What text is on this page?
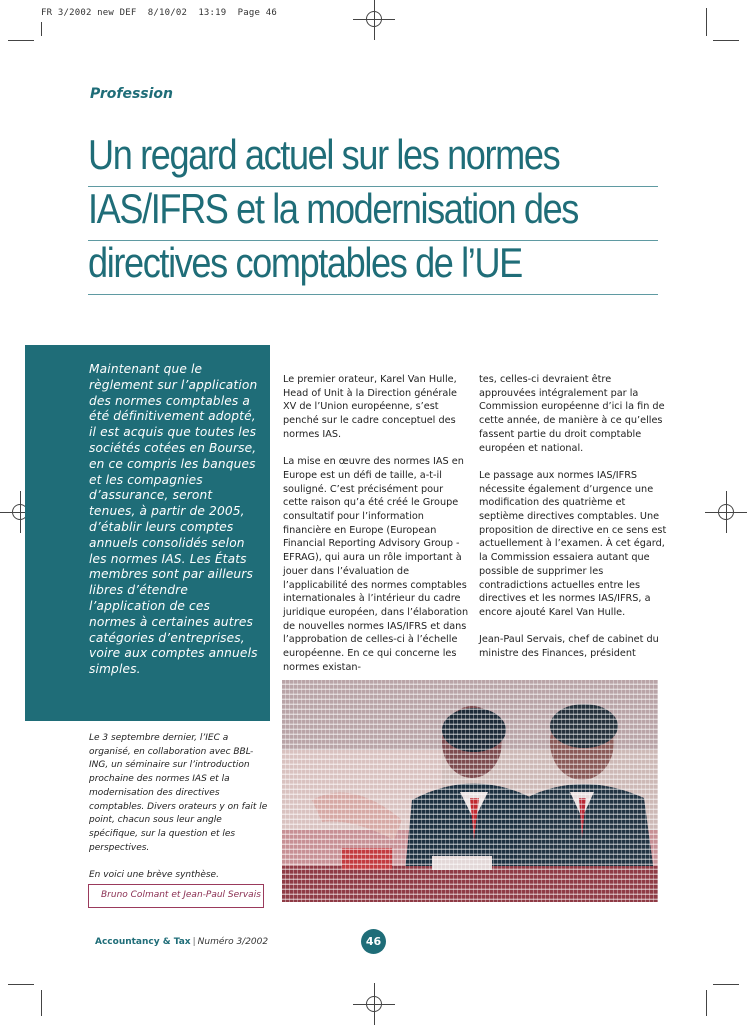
FR 3/2002 new DEF  8/10/02  13:19  Page 46
Profession
Un regard actuel sur les normes
IAS/IFRS et la modernisation des
directives comptables de l’UE
Maintenant que le règlement sur l’application des normes comptables a été définitivement adopté, il est acquis que toutes les sociétés cotées en Bourse, en ce compris les banques et les compagnies d’assurance, seront tenues, à partir de 2005, d’établir leurs comptes annuels consolidés selon les normes IAS. Les États membres sont par ailleurs libres d’étendre l’application de ces normes à certaines autres catégories d’entreprises, voire aux comptes annuels simples.

Le premier orateur, Karel Van Hulle, Head of Unit à la Direction générale XV de l’Union européenne, s’est penché sur le cadre conceptuel des normes IAS.

La mise en œuvre des normes IAS en Europe est un défi de taille, a-t-il souligné. C’est précisément pour cette raison qu’a été créé le Groupe consultatif pour l’information financière en Europe (European Financial Reporting Advisory Group - EFRAG), qui aura un rôle important à jouer dans l’évaluation de l’applicabilité des normes comptables internationales à l’intérieur du cadre juridique européen, dans l’élaboration de nouvelles normes IAS/IFRS et dans l’approbation de celles-ci à l’échelle européenne. En ce qui concerne les normes existan-

tes, celles-ci devraient être approuvées intégralement par la Commission européenne d’ici la fin de cette année, de manière à ce qu’elles fassent partie du droit comptable européen et national.

Le passage aux normes IAS/IFRS nécessite également d’urgence une modification des quatrième et septième directives comptables. Une proposition de directive en ce sens est actuellement à l’examen. À cet égard, la Commission essaiera autant que possible de supprimer les contradictions actuelles entre les directives et les normes IAS/IFRS, a encore ajouté Karel Van Hulle.

Jean-Paul Servais, chef de cabinet du ministre des Finances, président

Le 3 septembre dernier, l’IEC a organisé, en collaboration avec BBL-ING, un séminaire sur l’introduction prochaine des normes IAS et la modernisation des directives comptables. Divers orateurs y on fait le point, chacun sous leur angle spécifique, sur la question et les perspectives.

En voici une brève synthèse.

Bruno Colmant et Jean-Paul Servais
Accountancy & Tax | Numéro 3/2002	46
